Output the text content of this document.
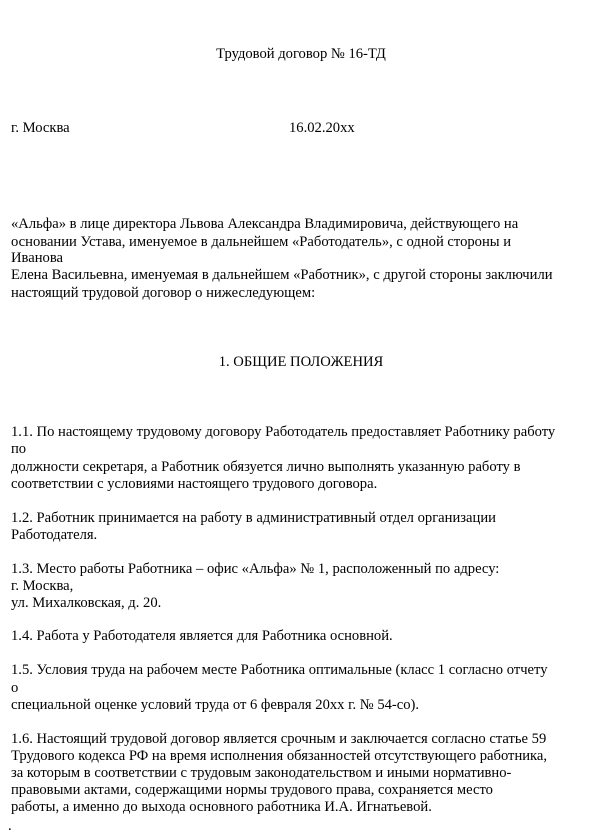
Трудовой договор № 16-ТД

г. Москва	16.02.20хх

«Альфа» в лице директора Львова Александра Владимировича, действующего на

основании Устава, именуемое в дальнейшем «Работодатель», с одной стороны и

Иванова

Елена Васильевна, именуемая в дальнейшем «Работник», с другой стороны заключили

настоящий трудовой договор о нижеследующем:

1. ОБЩИЕ ПОЛОЖЕНИЯ

1.1. По настоящему трудовому договору Работодатель предоставляет Работнику работу

по

должности секретаря, а Работник обязуется лично выполнять указанную работу в

соответствии с условиями настоящего трудового договора.

1.2. Работник принимается на работу в административный отдел организации

Работодателя.

1.3. Место работы Работника – офис «Альфа» № 1, расположенный по адресу:

г. Москва,

ул. Михалковская, д. 20.

1.4. Работа у Работодателя является для Работника основной.

1.5. Условия труда на рабочем месте Работника оптимальные (класс 1 согласно отчету

о

специальной оценке условий труда от 6 февраля 20хх г. № 54-со).

1.6. Настоящий трудовой договор является срочным и заключается согласно статье 59

Трудового кодекса РФ на время исполнения обязанностей отсутствующего работника,

за которым в соответствии с трудовым законодательством и иными нормативно-

правовыми актами, содержащими нормы трудового права, сохраняется место

работы, а именно до выхода основного работника И.А. Игнатьевой.

.
